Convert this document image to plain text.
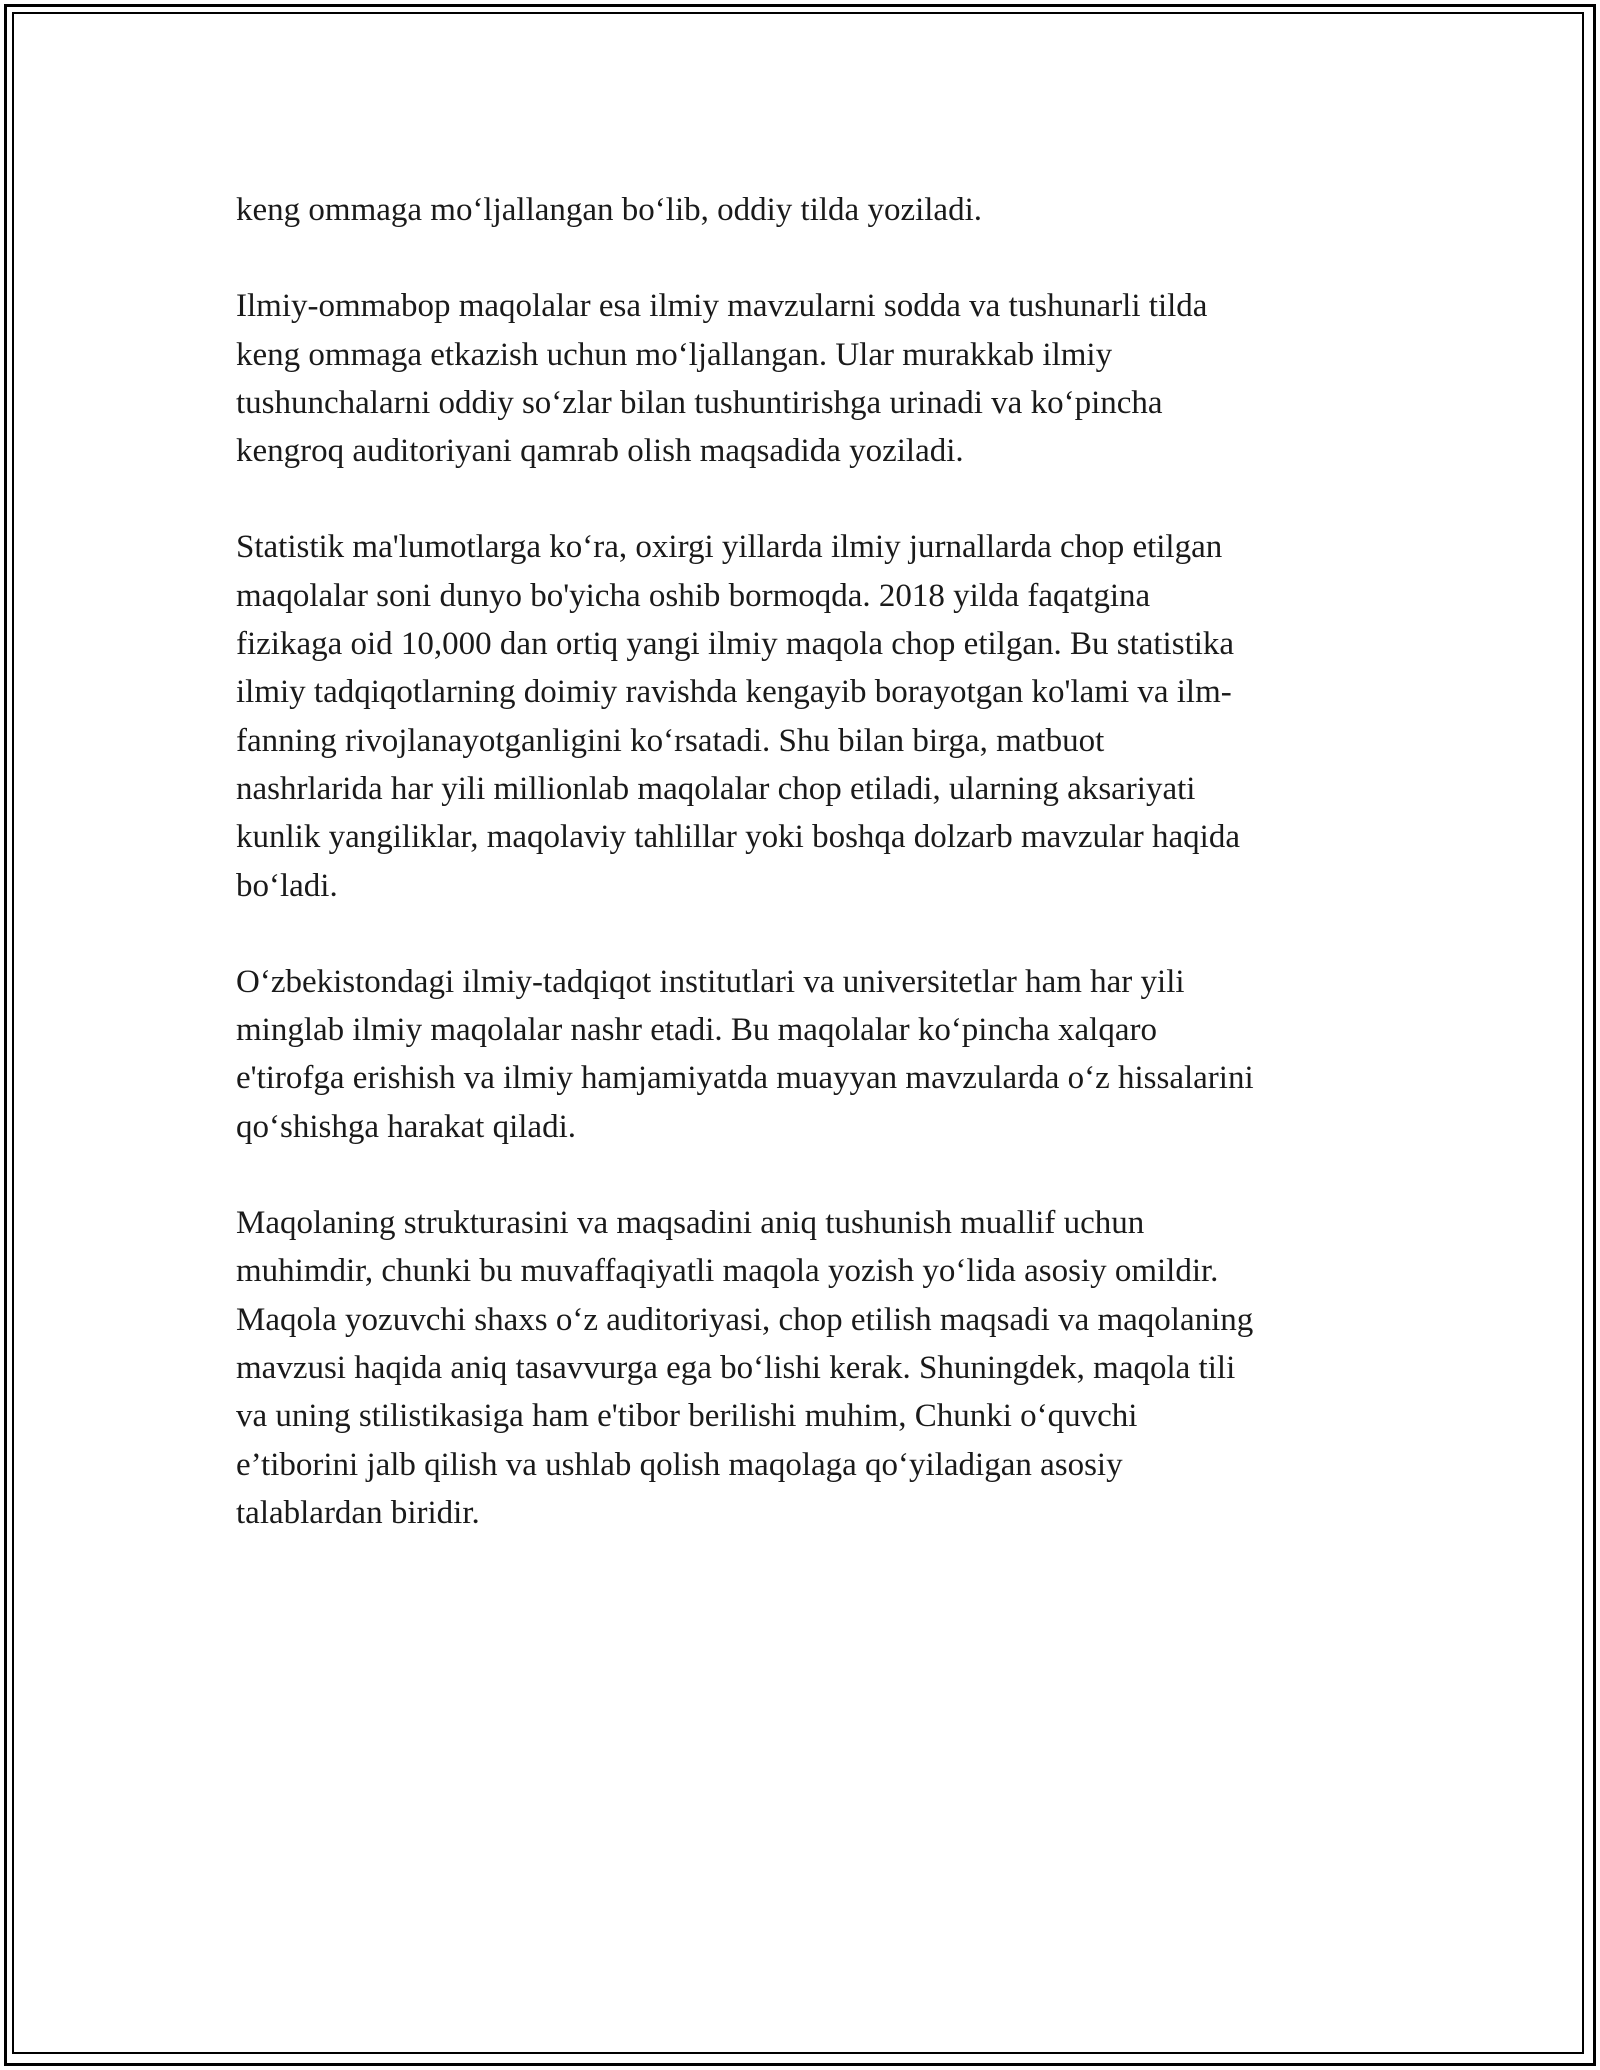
keng ommaga mo‘ljallangan bo‘lib, oddiy tilda yoziladi.

Ilmiy-ommabop maqolalar esa ilmiy mavzularni sodda va tushunarli tilda
keng ommaga etkazish uchun mo‘ljallangan. Ular murakkab ilmiy
tushunchalarni oddiy so‘zlar bilan tushuntirishga urinadi va ko‘pincha
kengroq auditoriyani qamrab olish maqsadida yoziladi.

Statistik ma'lumotlarga ko‘ra, oxirgi yillarda ilmiy jurnallarda chop etilgan
maqolalar soni dunyo bo'yicha oshib bormoqda. 2018 yilda faqatgina
fizikaga oid 10,000 dan ortiq yangi ilmiy maqola chop etilgan. Bu statistika
ilmiy tadqiqotlarning doimiy ravishda kengayib borayotgan ko'lami va ilm-
fanning rivojlanayotganligini ko‘rsatadi. Shu bilan birga, matbuot
nashrlarida har yili millionlab maqolalar chop etiladi, ularning aksariyati
kunlik yangiliklar, maqolaviy tahlillar yoki boshqa dolzarb mavzular haqida
bo‘ladi.

O‘zbekistondagi ilmiy-tadqiqot institutlari va universitetlar ham har yili
minglab ilmiy maqolalar nashr etadi. Bu maqolalar ko‘pincha xalqaro
e'tirofga erishish va ilmiy hamjamiyatda muayyan mavzularda o‘z hissalarini
qo‘shishga harakat qiladi.

Maqolaning strukturasini va maqsadini aniq tushunish muallif uchun
muhimdir, chunki bu muvaffaqiyatli maqola yozish yo‘lida asosiy omildir.
Maqola yozuvchi shaxs o‘z auditoriyasi, chop etilish maqsadi va maqolaning
mavzusi haqida aniq tasavvurga ega bo‘lishi kerak. Shuningdek, maqola tili
va uning stilistikasiga ham e'tibor berilishi muhim, Chunki o‘quvchi
e’tiborini jalb qilish va ushlab qolish maqolaga qo‘yiladigan asosiy
talablardan biridir.
